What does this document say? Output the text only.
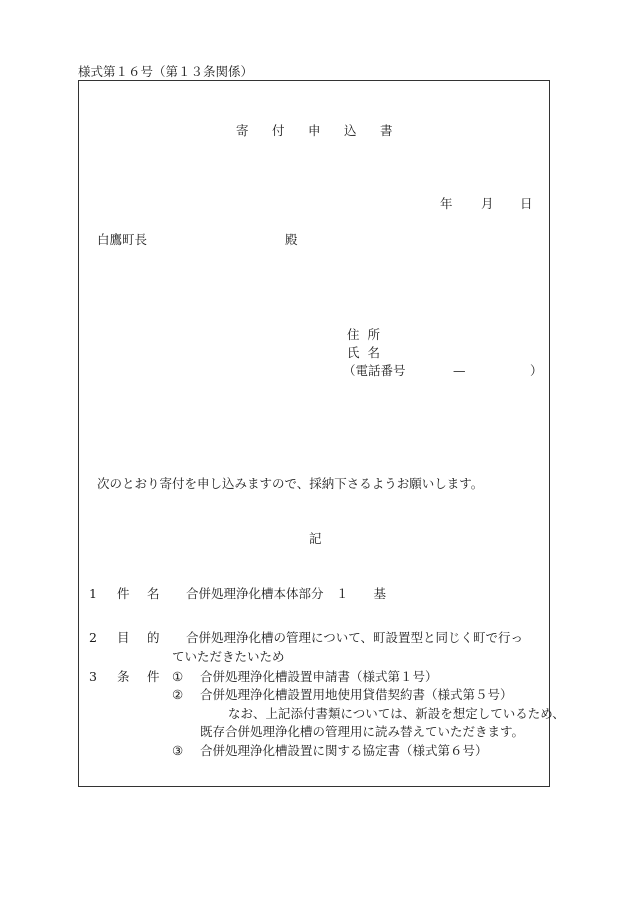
様式第１６号（第１３条関係）
寄 付 申 込 書
年 月 日
白鷹町長	殿
住 所
氏 名
（電話番号	—	）
次のとおり寄付を申し込みますので、採納下さるようお願いします。
記
1 件 名 合併処理浄化槽本体部分　１　　基
2 目 的 合併処理浄化槽の管理について、町設置型と同じく町で行っ
ていただきたいため
3 条 件 ① 合併処理浄化槽設置申請書（様式第１号）
② 合併処理浄化槽設置用地使用貸借契約書（様式第５号）
なお、上記添付書類については、新設を想定しているため、
既存合併処理浄化槽の管理用に読み替えていただきます。
③ 合併処理浄化槽設置に関する協定書（様式第６号）
